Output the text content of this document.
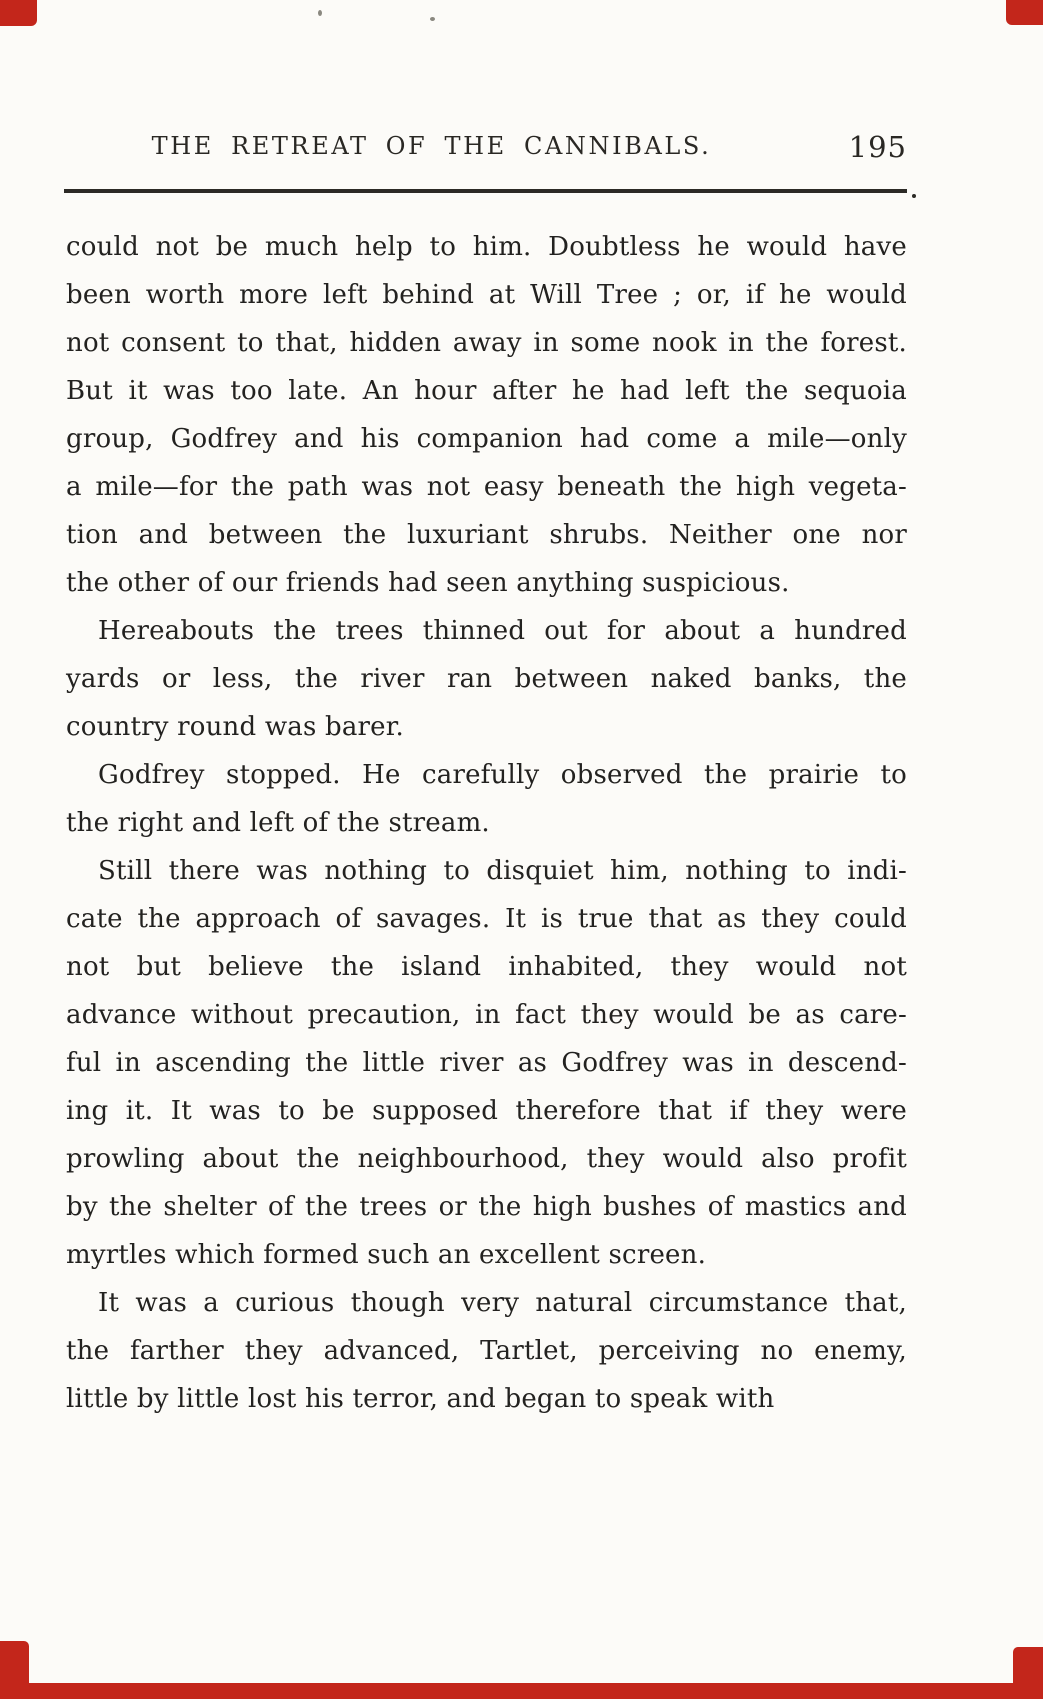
THE RETREAT OF THE CANNIBALS.	195
could not be much help to him. Doubtless he would have
been worth more left behind at Will Tree ; or, if he would
not consent to that, hidden away in some nook in the forest.
But it was too late. An hour after he had left the sequoia
group, Godfrey and his companion had come a mile—only
a mile—for the path was not easy beneath the high vegeta-
tion and between the luxuriant shrubs. Neither one nor
the other of our friends had seen anything suspicious.
Hereabouts the trees thinned out for about a hundred
yards or less, the river ran between naked banks, the
country round was barer.
Godfrey stopped. He carefully observed the prairie to
the right and left of the stream.
Still there was nothing to disquiet him, nothing to indi-
cate the approach of savages. It is true that as they could
not but believe the island inhabited, they would not
advance without precaution, in fact they would be as care-
ful in ascending the little river as Godfrey was in descend-
ing it. It was to be supposed therefore that if they were
prowling about the neighbourhood, they would also profit
by the shelter of the trees or the high bushes of mastics and
myrtles which formed such an excellent screen.
It was a curious though very natural circumstance that,
the farther they advanced, Tartlet, perceiving no enemy,
little by little lost his terror, and began to speak with
